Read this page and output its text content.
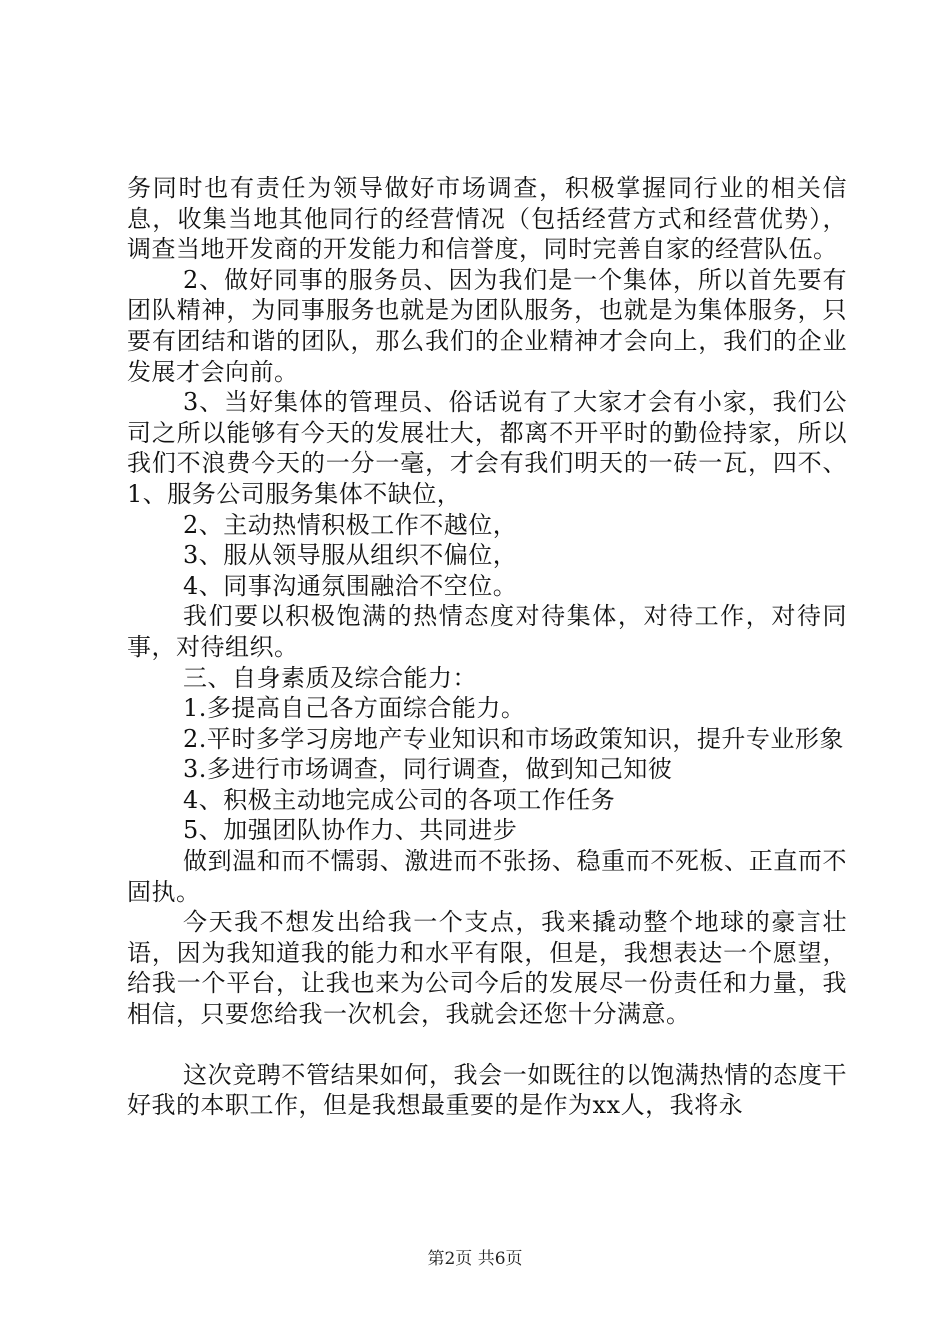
务同时也有责任为领导做好市场调查，积极掌握同行业的相关信息，收集当地其他同行的经营情况（包括经营方式和经营优势），调查当地开发商的开发能力和信誉度，同时完善自家的经营队伍。

2、做好同事的服务员、因为我们是一个集体，所以首先要有团队精神，为同事服务也就是为团队服务，也就是为集体服务，只要有团结和谐的团队，那么我们的企业精神才会向上，我们的企业发展才会向前。

3、当好集体的管理员、俗话说有了大家才会有小家，我们公司之所以能够有今天的发展壮大，都离不开平时的勤俭持家，所以我们不浪费今天的一分一毫，才会有我们明天的一砖一瓦，四不、1、服务公司服务集体不缺位，

2、主动热情积极工作不越位，

3、服从领导服从组织不偏位，

4、同事沟通氛围融洽不空位。

我们要以积极饱满的热情态度对待集体，对待工作，对待同事，对待组织。

三、自身素质及综合能力：

1.多提高自己各方面综合能力。

2.平时多学习房地产专业知识和市场政策知识，提升专业形象

3.多进行市场调查，同行调查，做到知己知彼

4、积极主动地完成公司的各项工作任务

5、加强团队协作力、共同进步

做到温和而不懦弱、激进而不张扬、稳重而不死板、正直而不固执。

今天我不想发出给我一个支点，我来撬动整个地球的豪言壮语，因为我知道我的能力和水平有限，但是，我想表达一个愿望，给我一个平台，让我也来为公司今后的发展尽一份责任和力量，我相信，只要您给我一次机会，我就会还您十分满意。

这次竞聘不管结果如何，我会一如既往的以饱满热情的态度干好我的本职工作，但是我想最重要的是作为xx人，我将永

第2页 共6页
